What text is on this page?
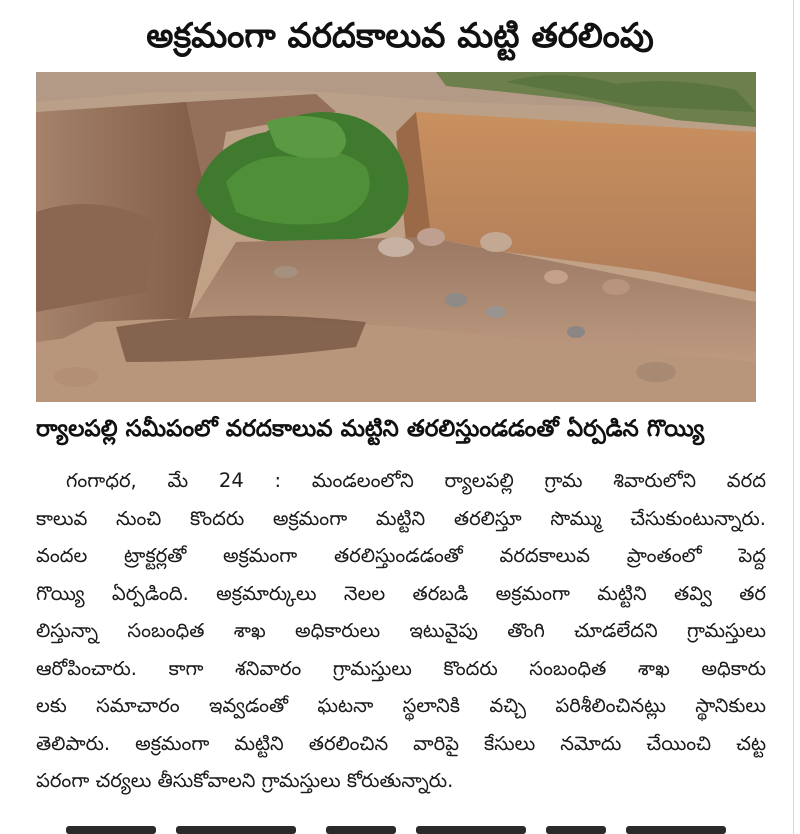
అక్రమంగా వరదకాలువ మట్టి తరలింపు
ర్యాలపల్లి సమీపంలో వరదకాలువ మట్టిని తరలిస్తుండడంతో ఏర్పడిన గొయ్యి
గంగాధర, మే 24 : మండలంలోని ర్యాలపల్లి గ్రామ శివారులోని వరద
కాలువ నుంచి కొందరు అక్రమంగా మట్టిని తరలిస్తూ సొమ్ము చేసుకుంటున్నారు.
వందల ట్రాక్టర్లతో అక్రమంగా తరలిస్తుండడంతో వరదకాలువ ప్రాంతంలో పెద్ద
గొయ్యి ఏర్పడింది. అక్రమార్కులు నెలల తరబడి అక్రమంగా మట్టిని తవ్వి తర
లిస్తున్నా సంబంధిత శాఖ అధికారులు ఇటువైపు తొంగి చూడలేదని గ్రామస్తులు
ఆరోపించారు. కాగా శనివారం గ్రామస్తులు కొందరు సంబంధిత శాఖ అధికారు
లకు సమాచారం ఇవ్వడంతో ఘటనా స్థలానికి వచ్చి పరిశీలించినట్లు స్థానికులు
తెలిపారు. అక్రమంగా మట్టిని తరలించిన వారిపై కేసులు నమోదు చేయించి చట్ట
పరంగా చర్యలు తీసుకోవాలని గ్రామస్తులు కోరుతున్నారు.
